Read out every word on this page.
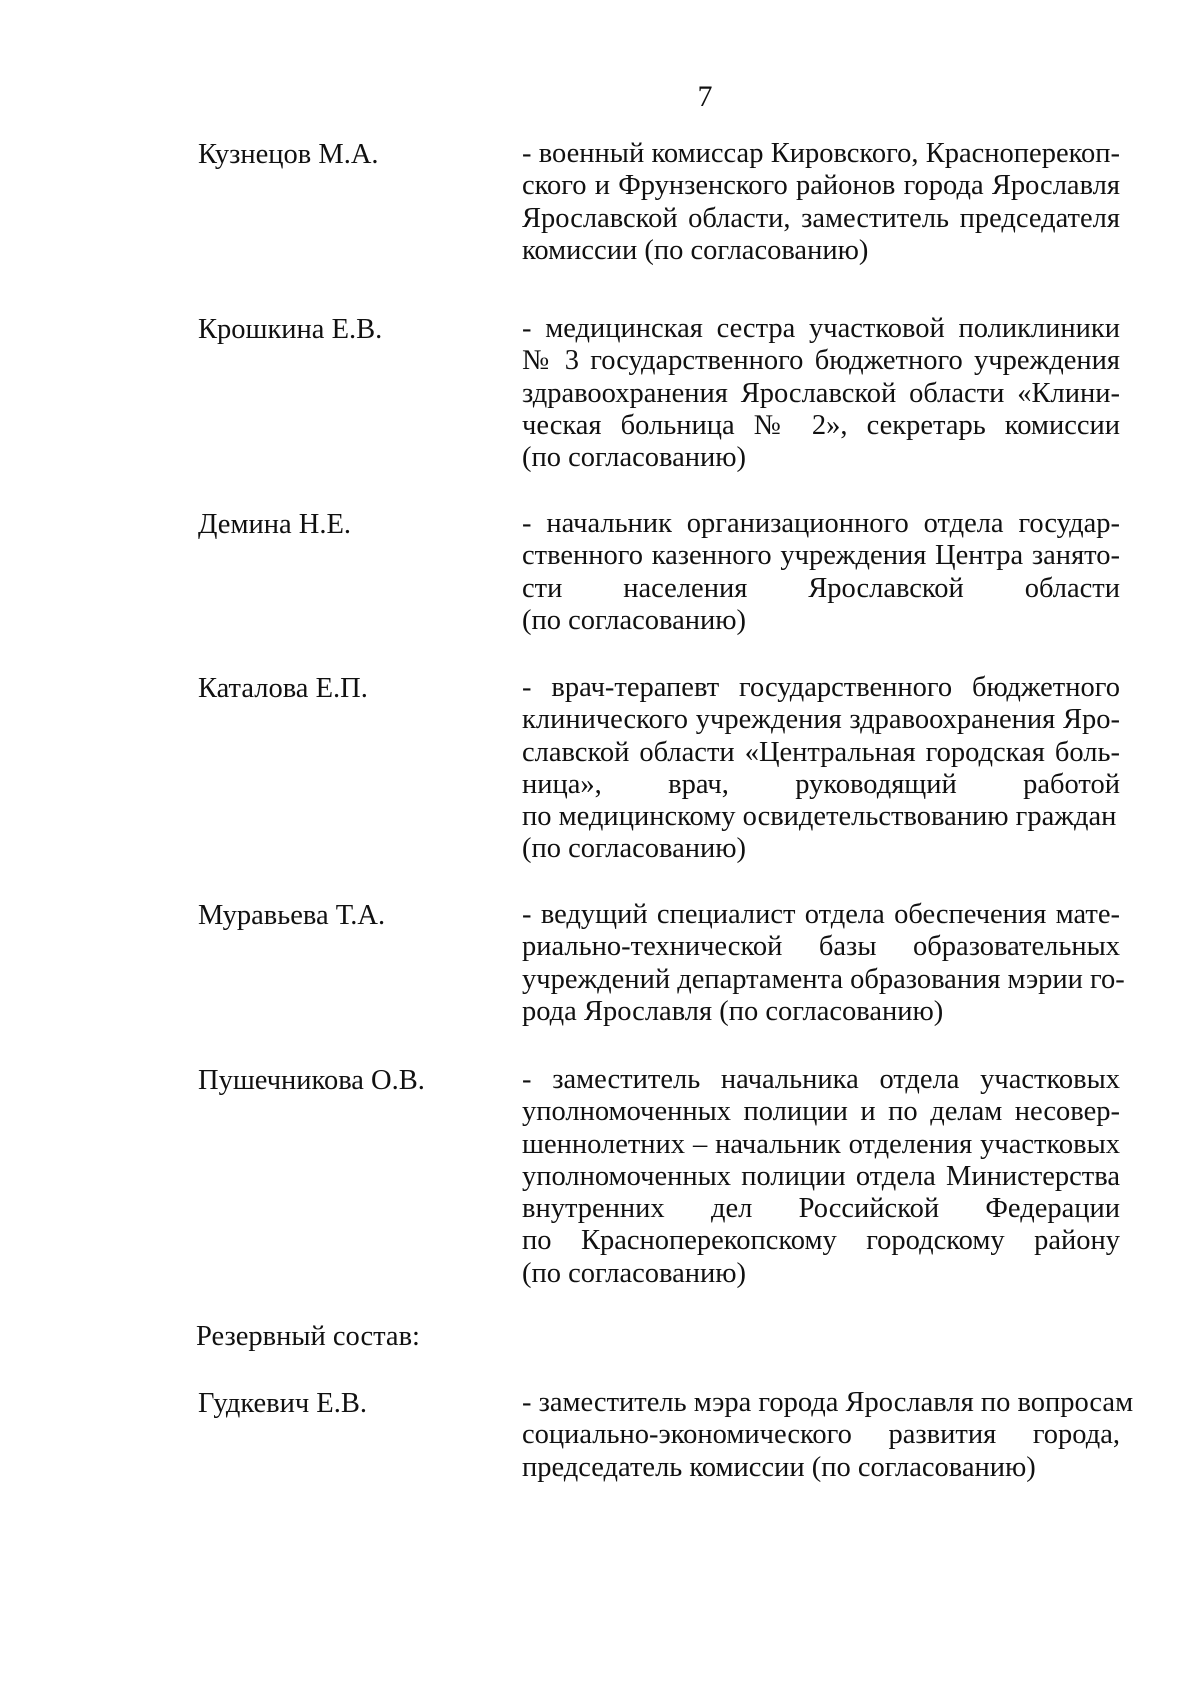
7
Кузнецов М.А.	- военный комиссар Кировского, Красноперекоп-
ского и Фрунзенского районов города Ярославля
Ярославской области, заместитель председателя
комиссии (по согласованию)
Крошкина Е.В.	- медицинская сестра участковой поликлиники
№ 3 государственного бюджетного учреждения
здравоохранения Ярославской области «Клини-
ческая больница № 2», секретарь комиссии
(по согласованию)
Демина Н.Е.	- начальник организационного отдела государ-
ственного казенного учреждения Центра занято-
сти населения Ярославской области
(по согласованию)
Каталова Е.П.	- врач-терапевт государственного бюджетного
клинического учреждения здравоохранения Яро-
славской области «Центральная городская боль-
ница», врач, руководящий работой
по медицинскому освидетельствованию граждан
(по согласованию)
Муравьева Т.А.	- ведущий специалист отдела обеспечения мате-
риально-технической базы образовательных
учреждений департамента образования мэрии го-
рода Ярославля (по согласованию)
Пушечникова О.В.	- заместитель начальника отдела участковых
уполномоченных полиции и по делам несовер-
шеннолетних – начальник отделения участковых
уполномоченных полиции отдела Министерства
внутренних дел Российской Федерации
по Красноперекопскому городскому району
(по согласованию)
Резервный состав:
Гудкевич Е.В.	- заместитель мэра города Ярославля по вопросам
социально-экономического развития города,
председатель комиссии (по согласованию)
